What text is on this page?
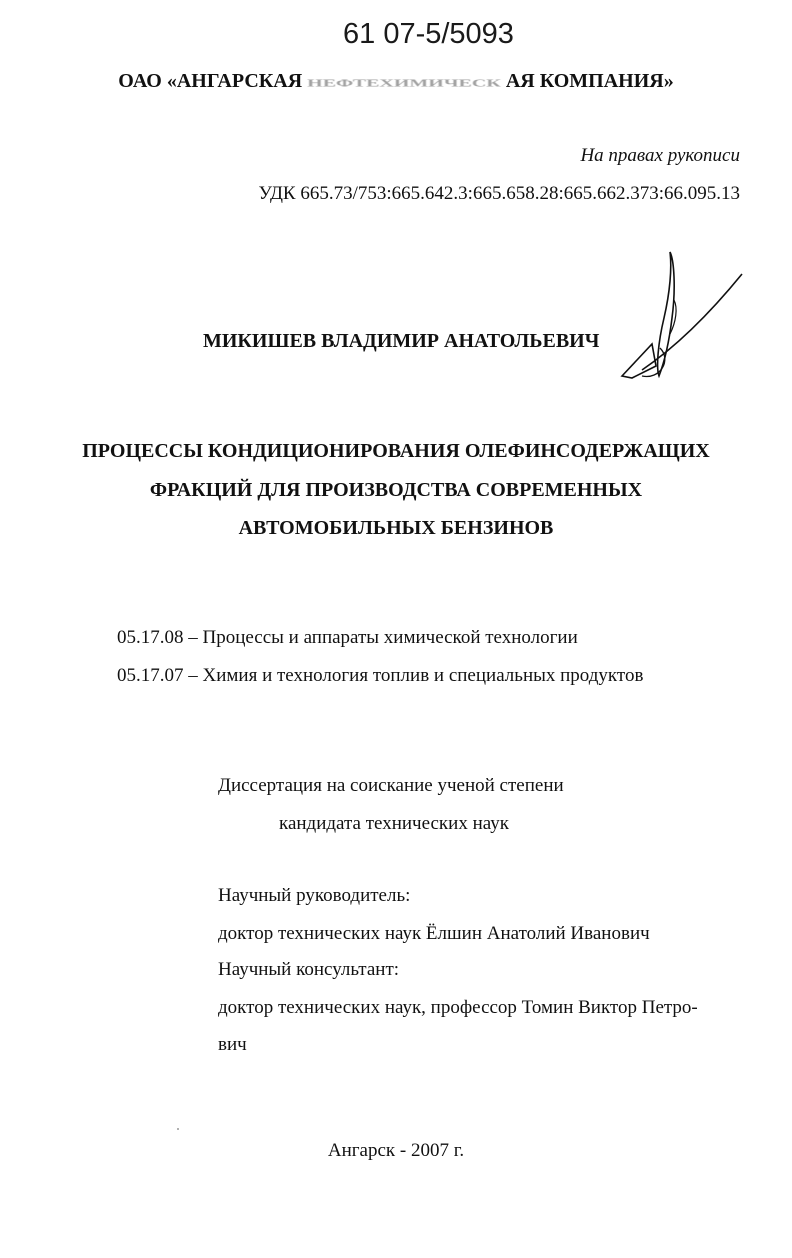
61 07-5/5093
ОАО «АНГАРСКАЯ НЕФТЕХИМИЧЕСК АЯ КОМПАНИЯ»
На правах рукописи
УДК 665.73/753:665.642.3:665.658.28:665.662.373:66.095.13
МИКИШЕВ ВЛАДИМИР АНАТОЛЬЕВИЧ
ПРОЦЕССЫ КОНДИЦИОНИРОВАНИЯ ОЛЕФИНСОДЕРЖАЩИХ
ФРАКЦИЙ ДЛЯ ПРОИЗВОДСТВА СОВРЕМЕННЫХ
АВТОМОБИЛЬНЫХ БЕНЗИНОВ
05.17.08 – Процессы и аппараты химической технологии
05.17.07 – Химия и технология топлив и специальных продуктов
Диссертация на соискание ученой степени
кандидата технических наук
Научный руководитель:
доктор технических наук Ёлшин Анатолий Иванович
Научный консультант:
доктор технических наук, профессор Томин Виктор Петро-
вич
Ангарск - 2007 г.
